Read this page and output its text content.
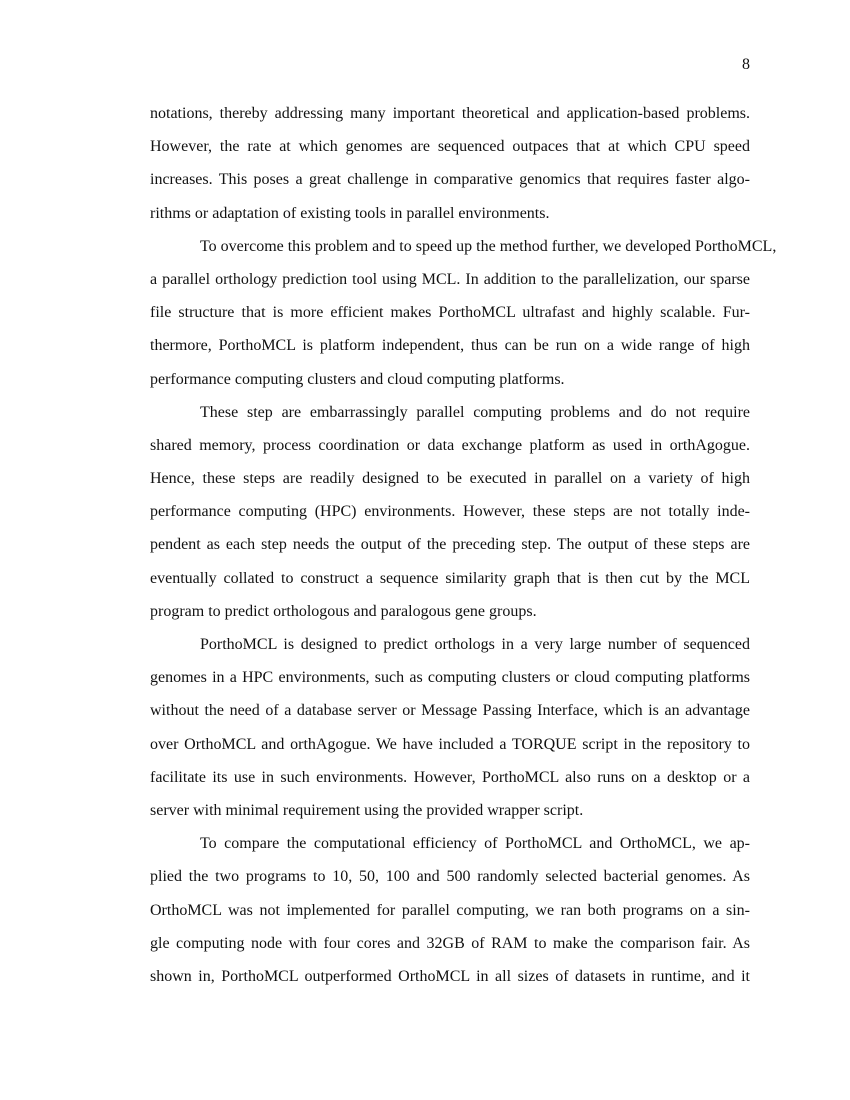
8
notations, thereby addressing many important theoretical and application-based problems.
However, the rate at which genomes are sequenced outpaces that at which CPU speed
increases. This poses a great challenge in comparative genomics that requires faster algo-
rithms or adaptation of existing tools in parallel environments.
To overcome this problem and to speed up the method further, we developed PorthoMCL,
a parallel orthology prediction tool using MCL. In addition to the parallelization, our sparse
file structure that is more efficient makes PorthoMCL ultrafast and highly scalable. Fur-
thermore, PorthoMCL is platform independent, thus can be run on a wide range of high
performance computing clusters and cloud computing platforms.
These step are embarrassingly parallel computing problems and do not require
shared memory, process coordination or data exchange platform as used in orthAgogue.
Hence, these steps are readily designed to be executed in parallel on a variety of high
performance computing (HPC) environments. However, these steps are not totally inde-
pendent as each step needs the output of the preceding step. The output of these steps are
eventually collated to construct a sequence similarity graph that is then cut by the MCL
program to predict orthologous and paralogous gene groups.
PorthoMCL is designed to predict orthologs in a very large number of sequenced
genomes in a HPC environments, such as computing clusters or cloud computing platforms
without the need of a database server or Message Passing Interface, which is an advantage
over OrthoMCL and orthAgogue. We have included a TORQUE script in the repository to
facilitate its use in such environments. However, PorthoMCL also runs on a desktop or a
server with minimal requirement using the provided wrapper script.
To compare the computational efficiency of PorthoMCL and OrthoMCL, we ap-
plied the two programs to 10, 50, 100 and 500 randomly selected bacterial genomes. As
OrthoMCL was not implemented for parallel computing, we ran both programs on a sin-
gle computing node with four cores and 32GB of RAM to make the comparison fair. As
shown in, PorthoMCL outperformed OrthoMCL in all sizes of datasets in runtime, and it
